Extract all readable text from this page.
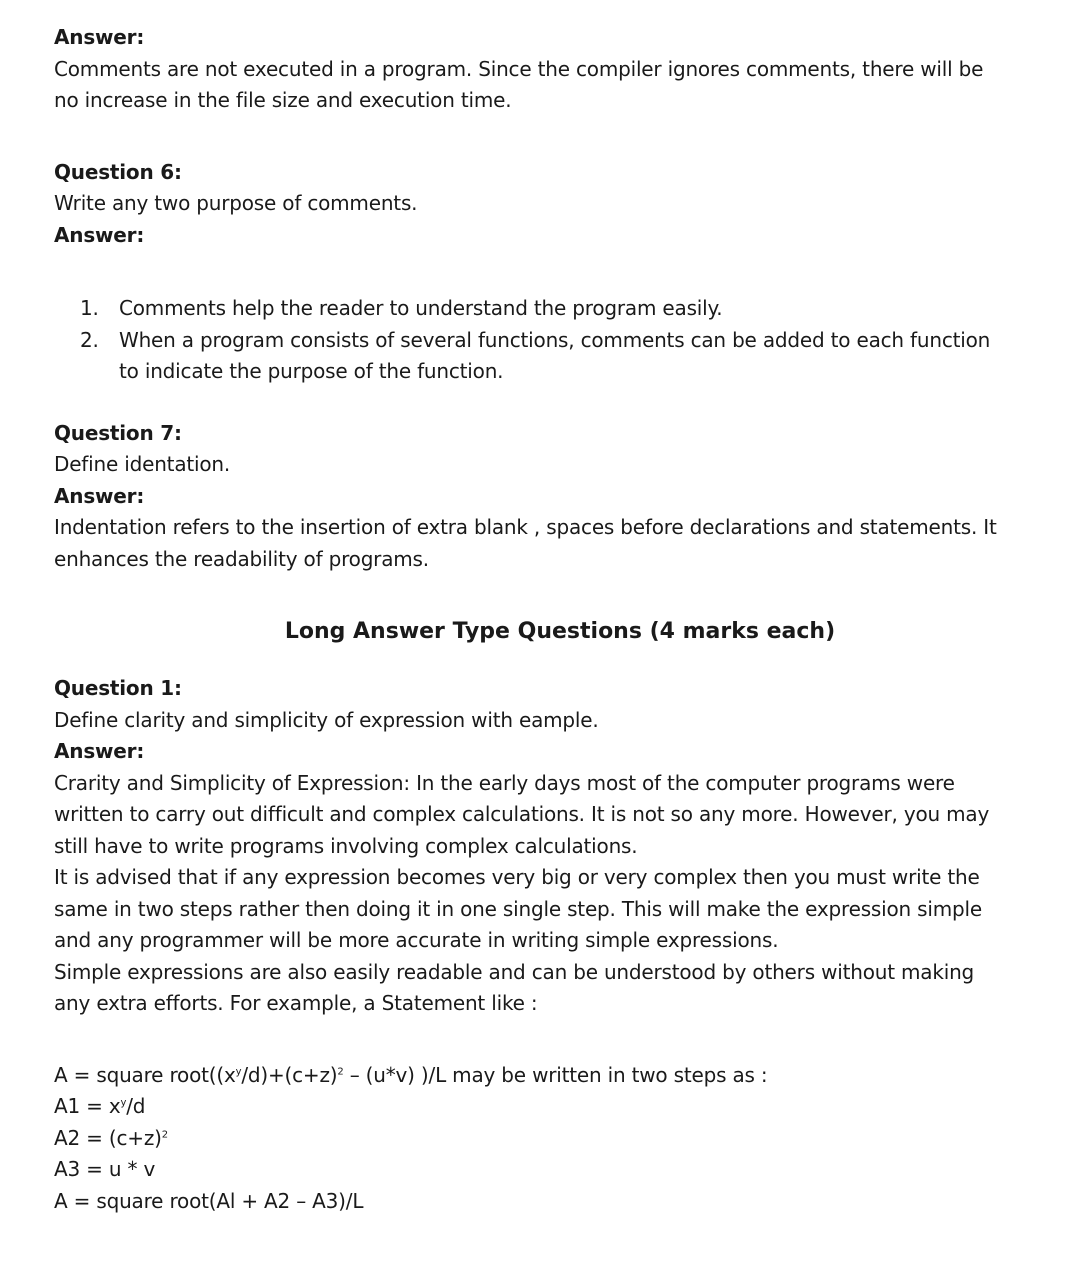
Answer:
Comments are not executed in a program. Since the compiler ignores comments, there will be
no increase in the file size and execution time.
Question 6:
Write any two purpose of comments.
Answer:
1. Comments help the reader to understand the program easily.
2. When a program consists of several functions, comments can be added to each function
to indicate the purpose of the function.
Question 7:
Define identation.
Answer:
Indentation refers to the insertion of extra blank , spaces before declarations and statements. It
enhances the readability of programs.
Long Answer Type Questions (4 marks each)
Question 1:
Define clarity and simplicity of expression with eample.
Answer:
Crarity and Simplicity of Expression: In the early days most of the computer programs were
written to carry out difficult and complex calculations. It is not so any more. However, you may
still have to write programs involving complex calculations.
It is advised that if any expression becomes very big or very complex then you must write the
same in two steps rather then doing it in one single step. This will make the expression simple
and any programmer will be more accurate in writing simple expressions.
Simple expressions are also easily readable and can be understood by others without making
any extra efforts. For example, a Statement like :
A = square $root((x^y/d)+(c+z)^2 - (u*v)$ )/L may be written in two steps as :
$A1 = x^y/d$
$A2 = (c+z)^2$
A3 = u * v
A = square root(Al + A2 – A3)/L
